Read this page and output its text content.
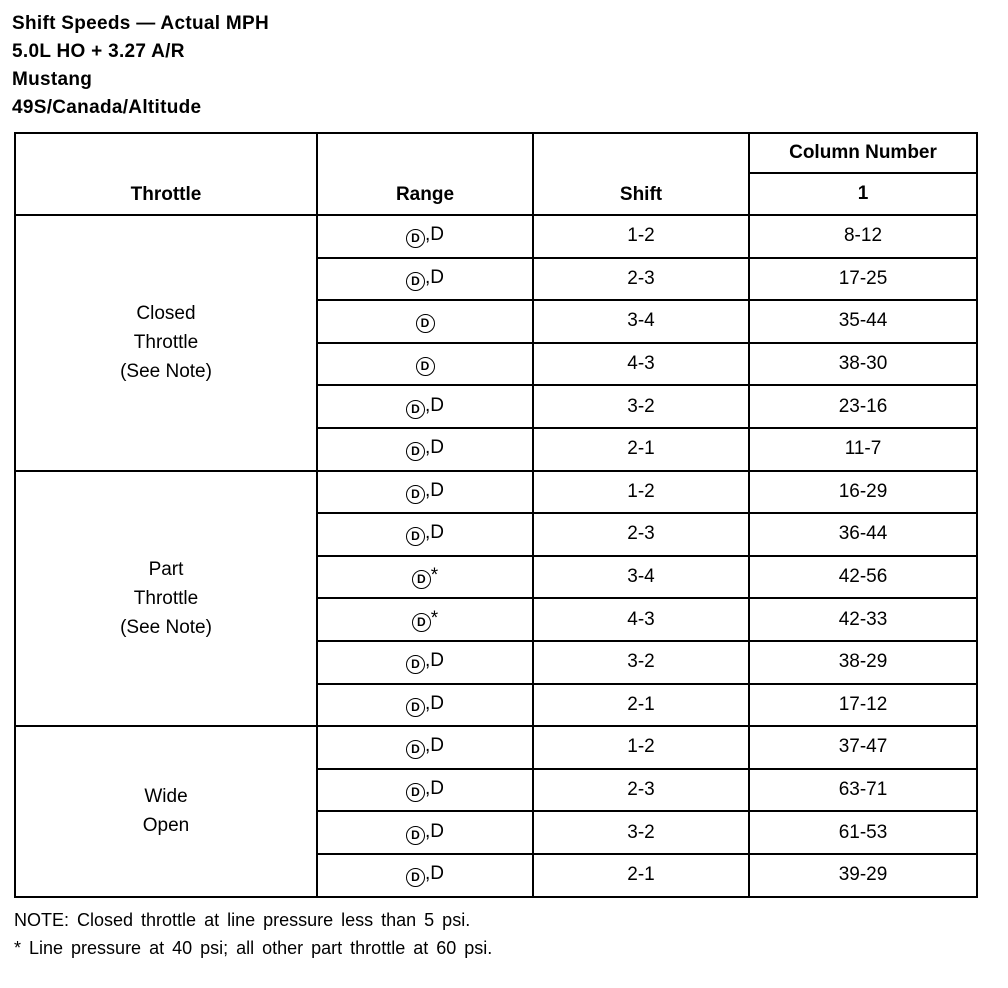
Shift Speeds — Actual MPH
5.0L HO + 3.27 A/R
Mustang
49S/Canada/Altitude
Throttle	Range	Shift	Column Number
			1

Closed
Throttle
(See Note)	D ,D	1-2	8-12
	D ,D	2-3	17-25
	D	3-4	35-44
	D	4-3	38-30
	D ,D	3-2	23-16
	D ,D	2-1	11-7

Part
Throttle
(See Note)	D ,D	1-2	16-29
	D ,D	2-3	36-44
	D *	3-4	42-56
	D *	4-3	42-33
	D ,D	3-2	38-29
	D ,D	2-1	17-12

Wide
Open	D ,D	1-2	37-47
	D ,D	2-3	63-71
	D ,D	3-2	61-53
	D ,D	2-1	39-29
NOTE: Closed throttle at line pressure less than 5 psi.
* Line pressure at 40 psi; all other part throttle at 60 psi.
